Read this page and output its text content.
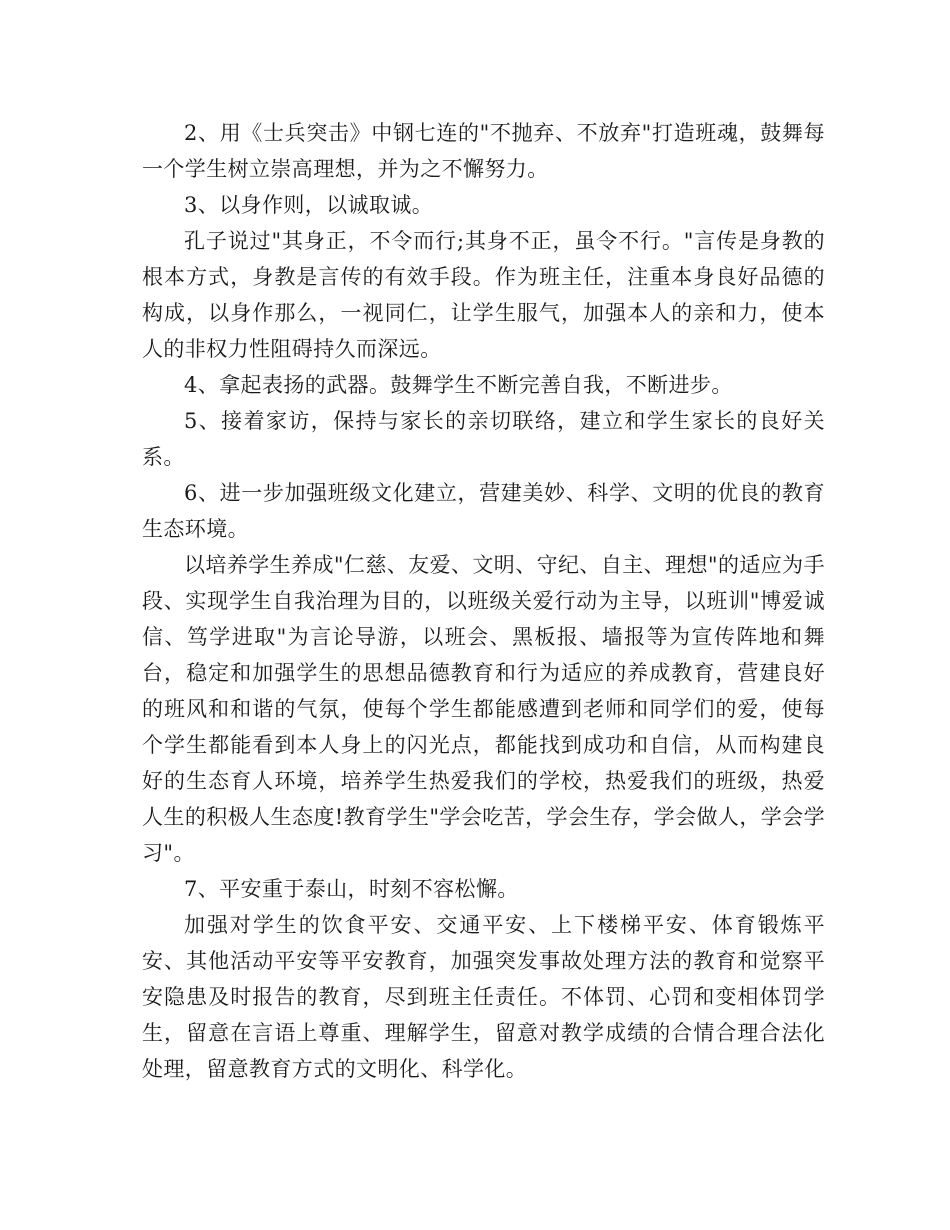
2、用《士兵突击》中钢七连的"不抛弃、不放弃"打造班魂，鼓舞每一个学生树立崇高理想，并为之不懈努力。

3、以身作则，以诚取诚。

孔子说过"其身正，不令而行;其身不正，虽令不行。"言传是身教的根本方式，身教是言传的有效手段。作为班主任，注重本身良好品德的构成，以身作那么，一视同仁，让学生服气，加强本人的亲和力，使本人的非权力性阻碍持久而深远。

4、拿起表扬的武器。鼓舞学生不断完善自我，不断进步。

5、接着家访，保持与家长的亲切联络，建立和学生家长的良好关系。

6、进一步加强班级文化建立，营建美妙、科学、文明的优良的教育生态环境。

以培养学生养成"仁慈、友爱、文明、守纪、自主、理想"的适应为手段、实现学生自我治理为目的，以班级关爱行动为主导，以班训"博爱诚信、笃学进取"为言论导游，以班会、黑板报、墙报等为宣传阵地和舞台，稳定和加强学生的思想品德教育和行为适应的养成教育，营建良好的班风和和谐的气氛，使每个学生都能感遭到老师和同学们的爱，使每个学生都能看到本人身上的闪光点，都能找到成功和自信，从而构建良好的生态育人环境，培养学生热爱我们的学校，热爱我们的班级，热爱人生的积极人生态度!教育学生"学会吃苦，学会生存，学会做人，学会学习"。

7、平安重于泰山，时刻不容松懈。

加强对学生的饮食平安、交通平安、上下楼梯平安、体育锻炼平安、其他活动平安等平安教育，加强突发事故处理方法的教育和觉察平安隐患及时报告的教育，尽到班主任责任。不体罚、心罚和变相体罚学生，留意在言语上尊重、理解学生，留意对教学成绩的合情合理合法化处理，留意教育方式的文明化、科学化。
